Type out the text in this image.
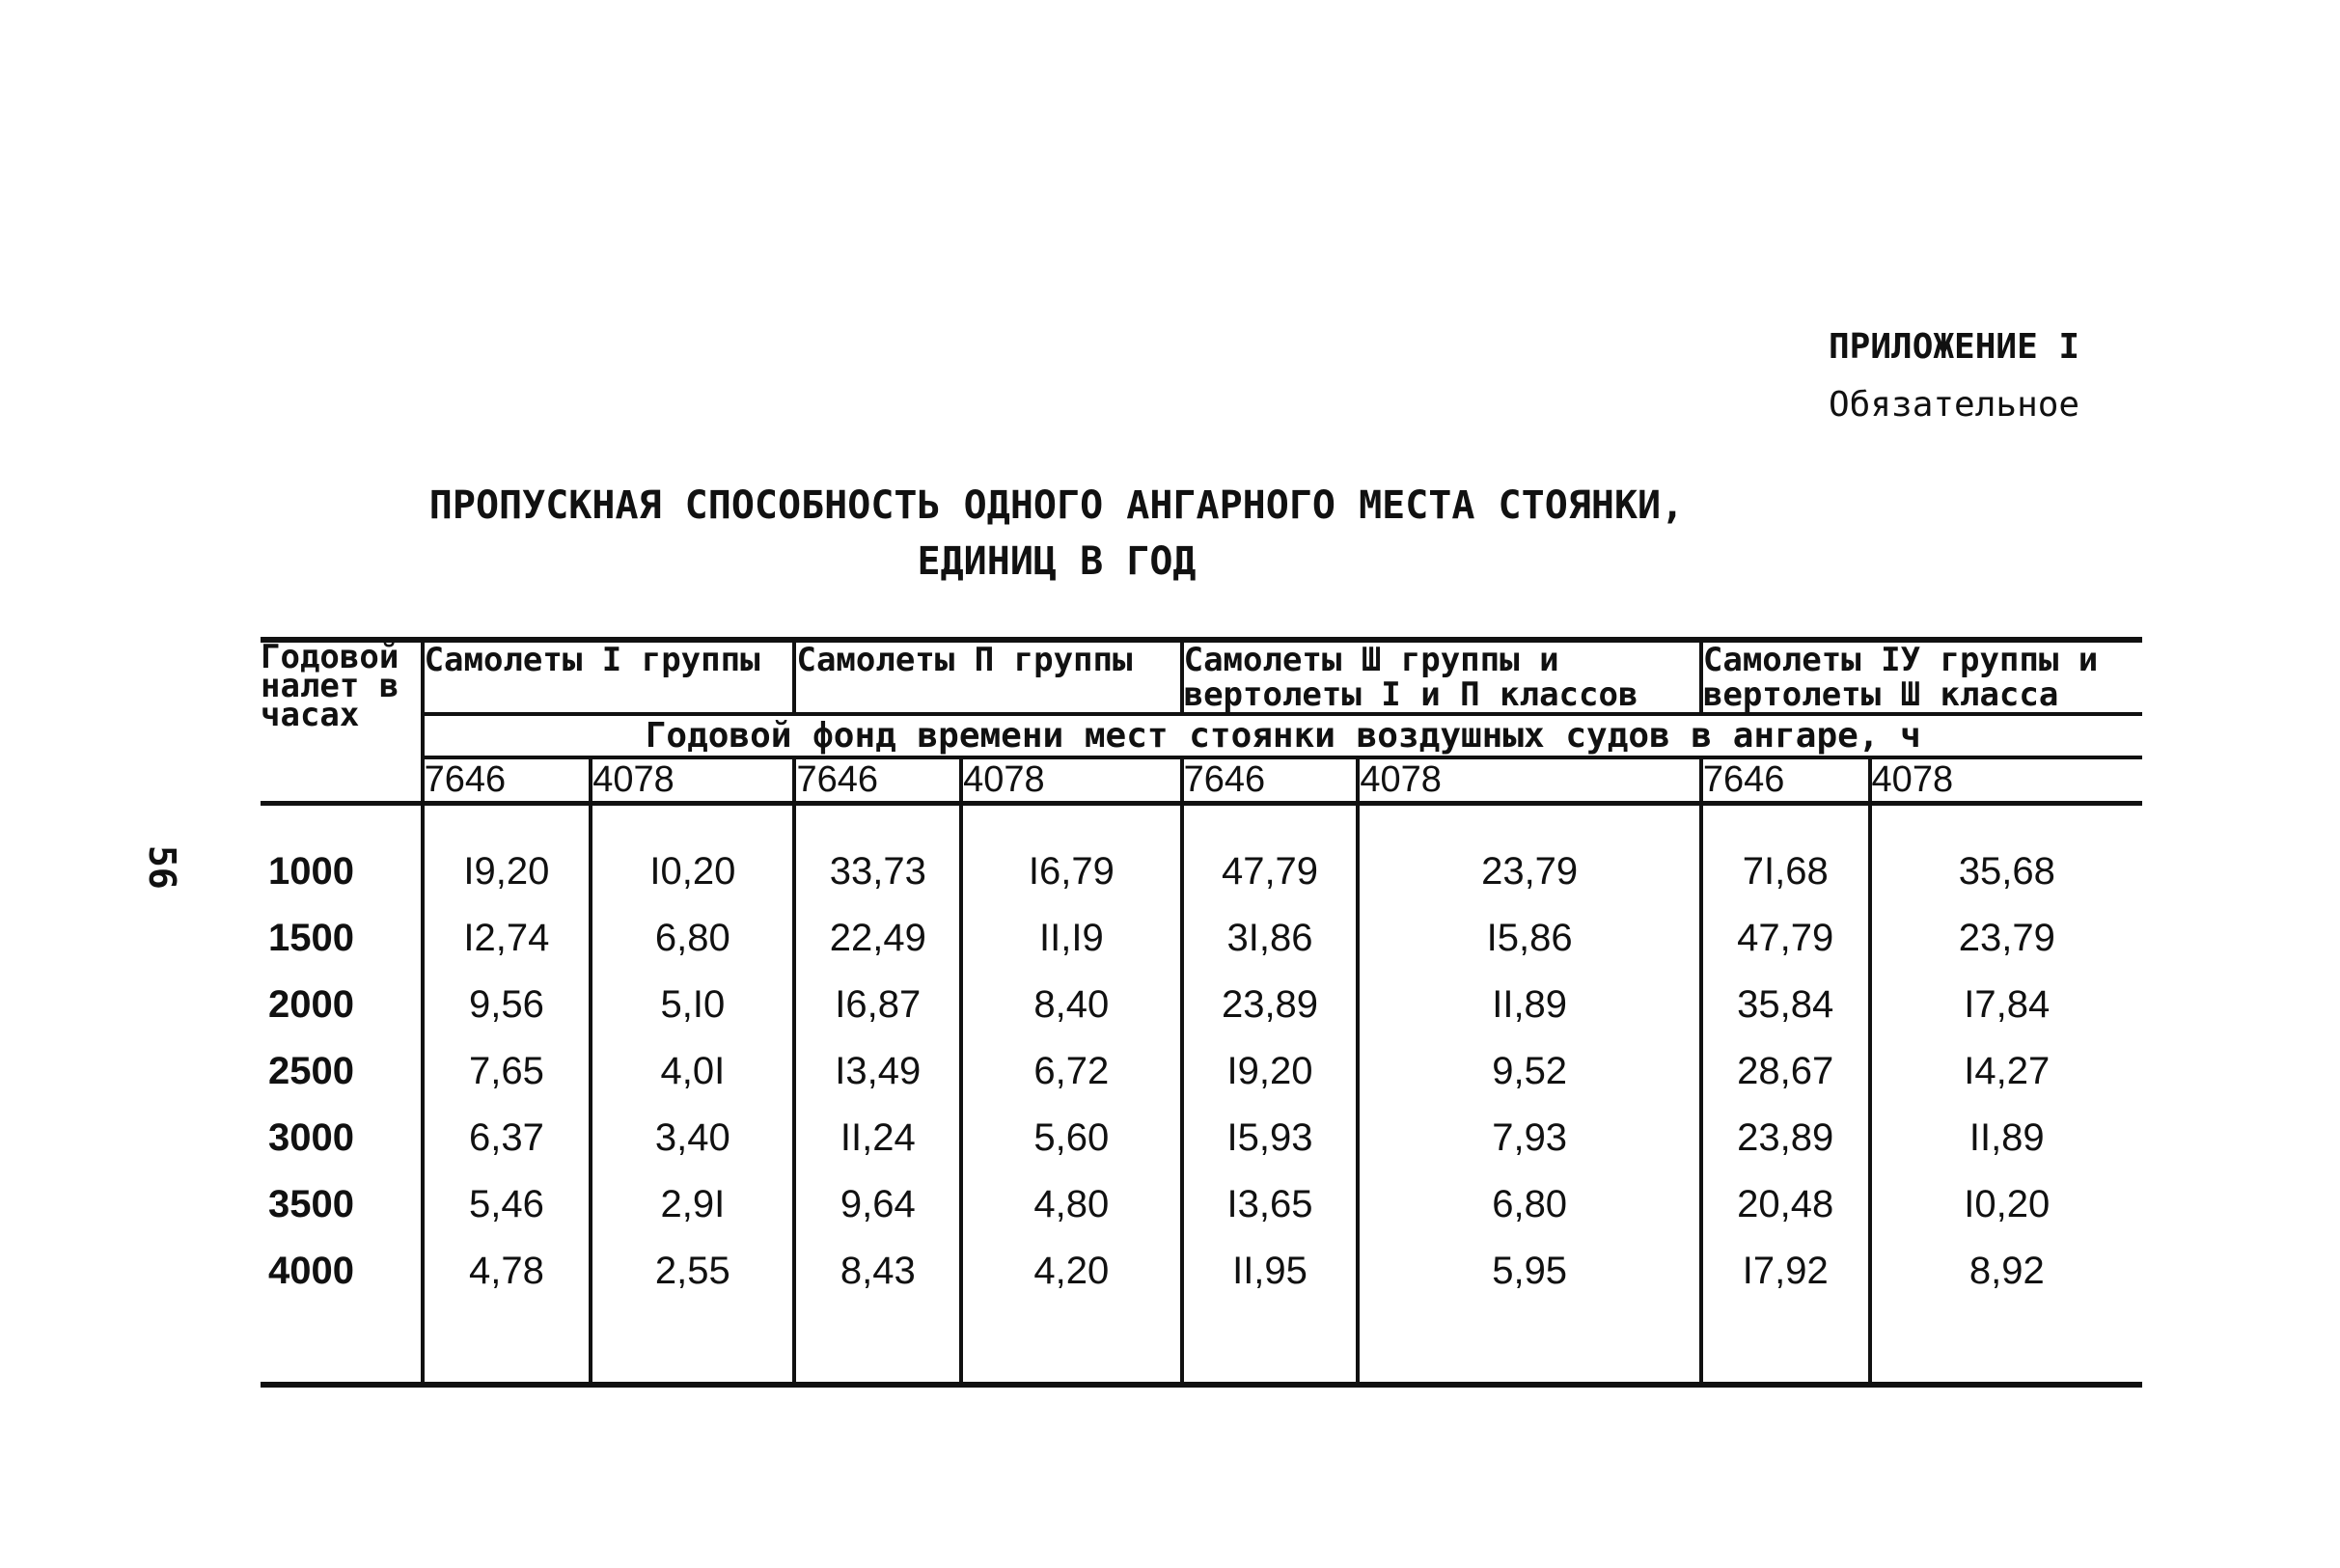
ПРИЛОЖЕНИЕ I
Обязательное
ПРОПУСКНАЯ СПОСОБНОСТЬ ОДНОГО АНГАРНОГО МЕСТА СТОЯНКИ,
ЕДИНИЦ В ГОД
56
Годовой налет в часах	Самолеты I группы		Самолеты П группы		Самолеты Ш группы и вертолеты I и П классов		Самолеты IУ группы и вертолеты Ш класса	
	Годовой фонд времени мест стоянки воздушных судов в ангаре, ч							
	7646	4078	7646	4078	7646	4078	7646	4078

1000	I9,20	I0,20	33,73	I6,79	47,79	23,79	7I,68	35,68
1500	I2,74	6,80	22,49	II,I9	3I,86	I5,86	47,79	23,79
2000	9,56	5,I0	I6,87	8,40	23,89	II,89	35,84	I7,84
2500	7,65	4,0I	I3,49	6,72	I9,20	9,52	28,67	I4,27
3000	6,37	3,40	II,24	5,60	I5,93	7,93	23,89	II,89
3500	5,46	2,9I	9,64	4,80	I3,65	6,80	20,48	I0,20
4000	4,78	2,55	8,43	4,20	II,95	5,95	I7,92	8,92
